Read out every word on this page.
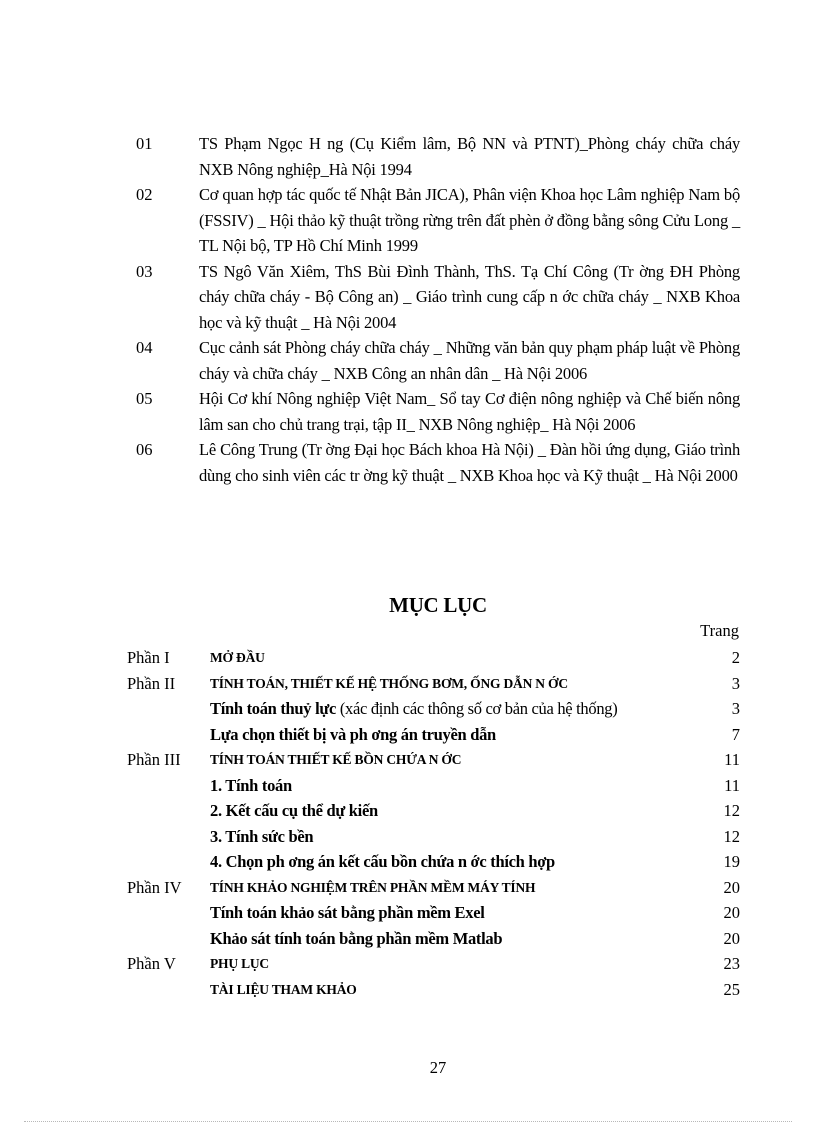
01	TS Phạm Ngọc H ng (Cụ Kiểm lâm, Bộ NN và PTNT)_Phòng cháy chữa cháy NXB Nông nghiệp_Hà Nội 1994
02	Cơ quan hợp tác quốc tế Nhật Bản JICA), Phân viện Khoa học Lâm nghiệp Nam bộ (FSSIV) _ Hội thảo kỹ thuật trồng rừng trên đất phèn ở đồng bằng sông Cửu Long _ TL Nội bộ, TP Hồ Chí Minh 1999
03	TS Ngô Văn Xiêm, ThS Bùi Đình Thành, ThS. Tạ Chí Công (Tr ờng ĐH Phòng cháy chữa cháy - Bộ Công an) _ Giáo trình cung cấp n ớc chữa cháy _ NXB Khoa học và kỹ thuật _ Hà Nội 2004
04	Cục cảnh sát Phòng cháy chữa cháy _ Những văn bản quy phạm pháp luật về Phòng cháy và chữa cháy _ NXB Công an nhân dân _ Hà Nội 2006
05	Hội Cơ khí Nông nghiệp Việt Nam_ Sổ tay Cơ điện nông nghiệp và Chế biến nông lâm san cho chủ trang trại, tập II_ NXB Nông nghiệp_ Hà Nội 2006
06	Lê Công Trung (Tr ờng Đại học Bách khoa Hà Nội) _ Đàn hồi ứng dụng, Giáo trình dùng cho sinh viên các tr ờng kỹ thuật _ NXB Khoa học và Kỹ thuật _ Hà Nội 2000
MỤC LỤC
Trang
Phần I	MỞ ĐẦU	2
Phần II	TÍNH TOÁN, THIẾT KẾ HỆ THỐNG BƠM, ỐNG DẪN N ỚC	3
Tính toán thuỷ lực (xác định các thông số cơ bản của hệ thống)	3
Lựa chọn thiết bị và ph ơng án truyền dẫn	7
Phần III TÍNH TOÁN THIẾT KẾ BỒN CHỨA N ỚC	11
1. Tính toán	11
2. Kết cấu cụ thể dự kiến	12
3. Tính sức bền	12
4. Chọn ph ơng án kết cấu bồn chứa n ớc thích hợp	19
Phần IV TÍNH KHẢO NGHIỆM TRÊN PHẦN MỀM MÁY TÍNH	20
Tính toán khảo sát bằng phần mềm Exel	20
Khảo sát tính toán bằng phần mềm Matlab	20
Phần V	PHỤ LỤC	23
TÀI LIỆU THAM KHẢO	25
27
